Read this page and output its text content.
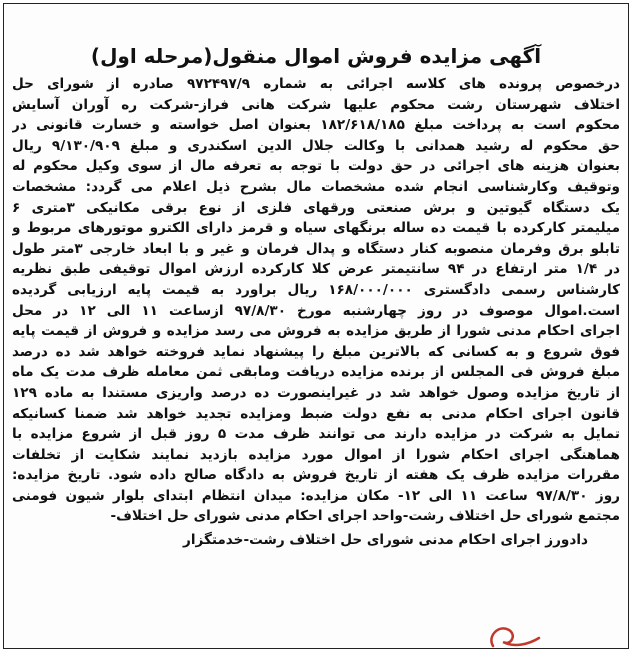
آگهی مزایده فروش اموال منقول(مرحله اول)
درخصوص پرونده های کلاسه اجرائی به شماره ۹۷۲۴۹۷/۹ صادره از شورای حل
اختلاف شهرستان رشت محکوم علیها شرکت هانی فراز-شرکت ره آوران آسایش
محکوم است به پرداخت مبلغ ۱۸۲/۶۱۸/۱۸۵ بعنوان اصل خواسته و خسارت قانونی در
حق محکوم له رشید همدانی با وکالت جلال الدین اسکندری و مبلغ ۹/۱۳۰/۹۰۹ ریال
بعنوان هزینه های اجرائی در حق دولت با توجه به تعرفه مال از سوی وکیل محکوم له
وتوقیف وکارشناسی انجام شده مشخصات مال بشرح ذیل اعلام می گردد: مشخصات
یک دستگاه گیوتین و برش صنعتی ورقهای فلزی از نوع برقی مکانیکی ۳متری ۶
میلیمتر کارکرده با قیمت ده ساله برنگهای سیاه و قرمز دارای الکترو موتورهای مربوط و
تابلو برق وفرمان منصوبه کنار دستگاه و پدال فرمان و غیر و با ابعاد خارجی ۳متر طول
در ۱/۴ متر ارتفاع در ۹۴ سانتیمتر عرض کلا کارکرده ارزش اموال توقیفی طبق نظریه
کارشناس رسمی دادگستری ۱۶۸/۰۰۰/۰۰۰ ریال براورد به قیمت پایه ارزیابی گردیده
است.اموال موصوف در روز چهارشنبه مورخ ۹۷/۸/۳۰ ازساعت ۱۱ الی ۱۲ در محل
اجرای احکام مدنی شورا از طریق مزایده به فروش می رسد مزایده و فروش از قیمت پایه
فوق شروع و به کسانی که بالاترین مبلغ را پیشنهاد نماید فروخته خواهد شد ده درصد
مبلغ فروش فی المجلس از برنده مزایده دریافت ومابقی ثمن معامله ظرف مدت یک ماه
از تاریخ مزایده وصول خواهد شد در غیراینصورت ده درصد واریزی مستندا به ماده ۱۲۹
قانون اجرای احکام مدنی به نفع دولت ضبط ومزایده تجدید خواهد شد ضمنا کسانیکه
تمایل به شرکت در مزایده دارند می توانند ظرف مدت ۵ روز قبل از شروع مزایده با
هماهنگی اجرای احکام شورا از اموال مورد مزایده بازدید نمایند شکایت از تخلفات
مقررات مزایده ظرف یک هفته از تاریخ فروش به دادگاه صالح داده شود. تاریخ مزایده:
روز ۹۷/۸/۳۰ ساعت ۱۱ الی ۱۲- مکان مزایده: میدان انتظام ابتدای بلوار شیون فومنی
مجتمع شورای حل اختلاف رشت-واحد اجرای احکام مدنی شورای حل اختلاف-
دادورز اجرای احکام مدنی شورای حل اختلاف رشت-خدمتگزار
